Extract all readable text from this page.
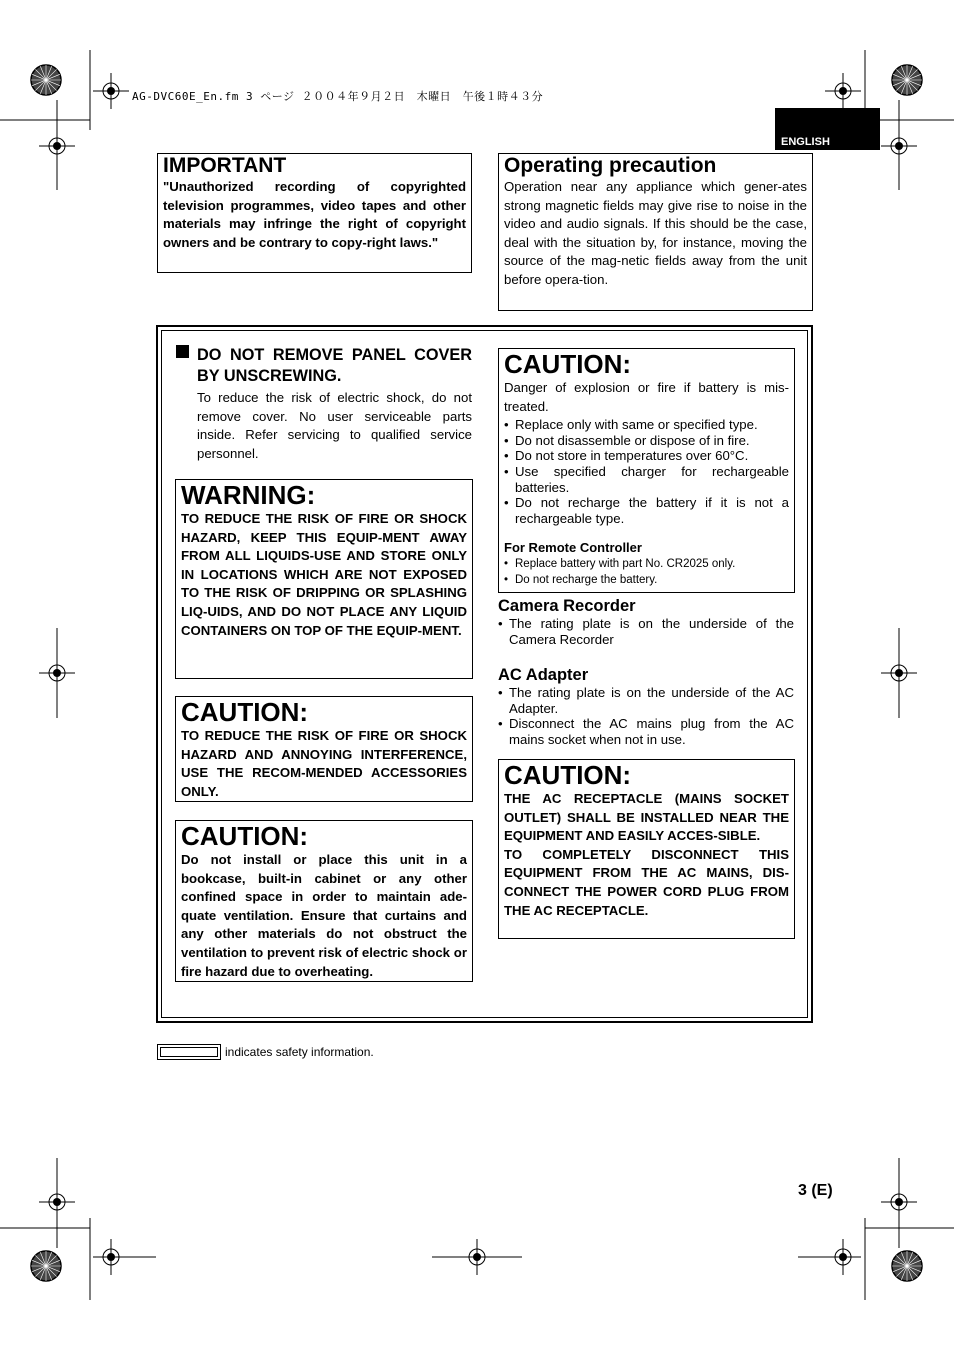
AG-DVC60E_En.fm 3 ページ ２００４年９月２日　木曜日　午後１時４３分
ENGLISH
IMPORTANT
"Unauthorized recording of copyrighted television programmes, video tapes and other materials may infringe the right of copyright owners and be contrary to copy-right laws."
Operating precaution
Operation near any appliance which gener-ates strong magnetic fields may give rise to noise in the video and audio signals. If this should be the case, deal with the situation by, for instance, moving the source of the mag-netic fields away from the unit before opera-tion.
DO NOT REMOVE PANEL COVER BY UNSCREWING.
To reduce the risk of electric shock, do not remove cover. No user serviceable parts inside. Refer servicing to qualified service personnel.
WARNING:
TO REDUCE THE RISK OF FIRE OR SHOCK HAZARD, KEEP THIS EQUIP-MENT AWAY FROM ALL LIQUIDS-USE AND STORE ONLY IN LOCATIONS WHICH ARE NOT EXPOSED TO THE RISK OF DRIPPING OR SPLASHING LIQ-UIDS, AND DO NOT PLACE ANY LIQUID CONTAINERS ON TOP OF THE EQUIP-MENT.
CAUTION:
TO REDUCE THE RISK OF FIRE OR SHOCK HAZARD AND ANNOYING INTERFERENCE, USE THE RECOM-MENDED ACCESSORIES ONLY.
CAUTION:
Do not install or place this unit in a bookcase, built-in cabinet or any other confined space in order to maintain ade-quate ventilation. Ensure that curtains and any other materials do not obstruct the ventilation to prevent risk of electric shock or fire hazard due to overheating.
CAUTION:
Danger of explosion or fire if battery is mis-treated.
• Replace only with same or specified type.
• Do not disassemble or dispose of in fire.
• Do not store in temperatures over 60°C.
• Use specified charger for rechargeable batteries.
• Do not recharge the battery if it is not a rechargeable type.
For Remote Controller
• Replace battery with part No. CR2025 only.
• Do not recharge the battery.
Camera Recorder
• The rating plate is on the underside of the Camera Recorder
AC Adapter
• The rating plate is on the underside of the AC Adapter.
• Disconnect the AC mains plug from the AC mains socket when not in use.
CAUTION:
THE AC RECEPTACLE (MAINS SOCKET OUTLET) SHALL BE INSTALLED NEAR THE EQUIPMENT AND EASILY ACCES-SIBLE.
TO COMPLETELY DISCONNECT THIS EQUIPMENT FROM THE AC MAINS, DIS-CONNECT THE POWER CORD PLUG FROM THE AC RECEPTACLE.
indicates safety information.
3 (E)
